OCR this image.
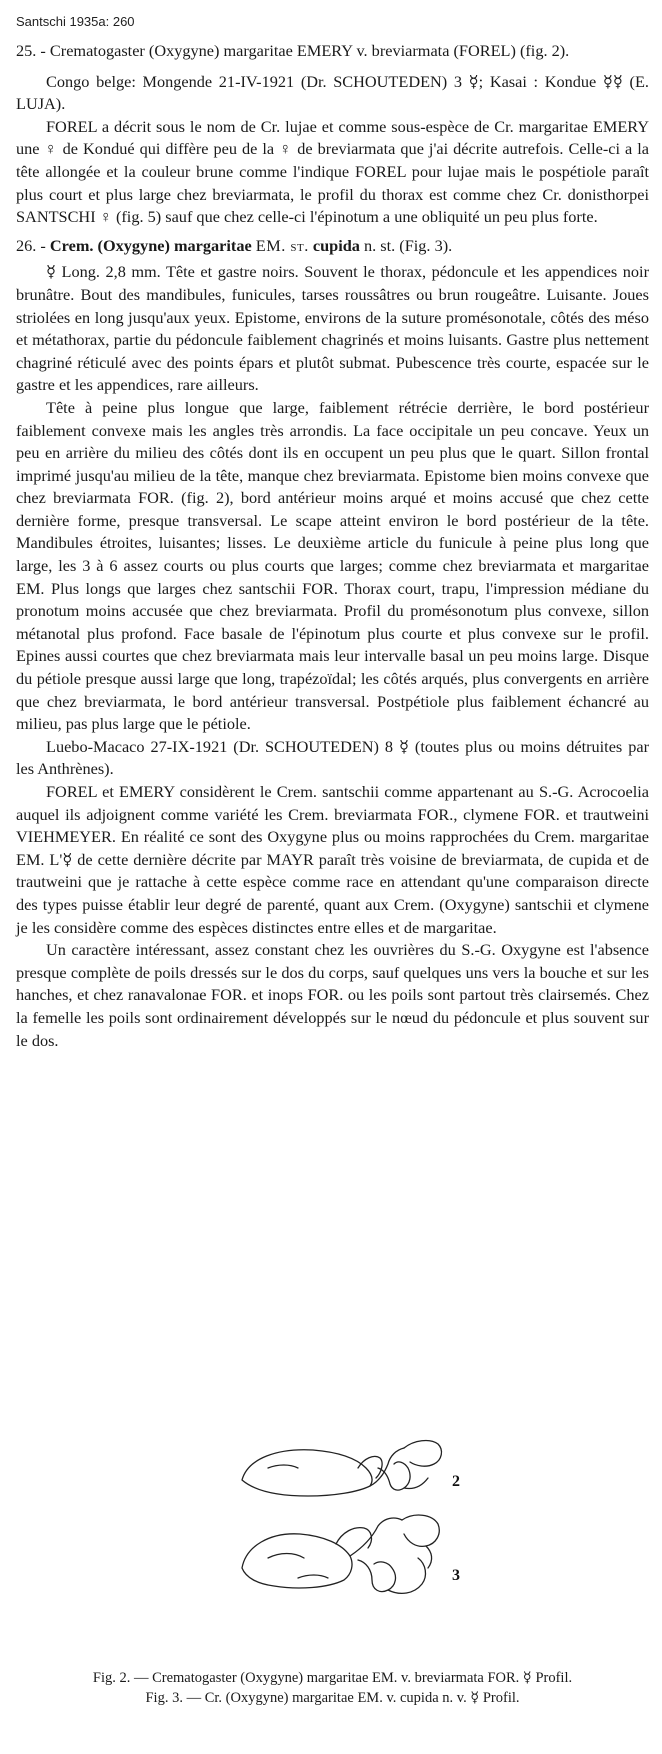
Santschi 1935a: 260

25. - Crematogaster (Oxygyne) margaritae EMERY v. breviarmata (FOREL) (fig. 2).

Congo belge: Mongende 21-IV-1921 (Dr. SCHOUTEDEN) 3 ☿; Kasai : Kondue ☿☿ (E. LUJA).

FOREL a décrit sous le nom de Cr. lujae et comme sous-espèce de Cr. margaritae EMERY une ♀ de Kondué qui diffère peu de la ♀ de breviarmata que j'ai décrite autrefois. Celle-ci a la tête allongée et la couleur brune comme l'indique FOREL pour lujae mais le pospétiole paraît plus court et plus large chez breviarmata, le profil du thorax est comme chez Cr. donisthorpei SANTSCHI ♀ (fig. 5) sauf que chez celle-ci l'épinotum a une obliquité un peu plus forte.

26. - Crem. (Oxygyne) margaritae EM. st. cupida n. st. (Fig. 3).

☿ Long. 2,8 mm. Tête et gastre noirs. Souvent le thorax, pédoncule et les appendices noir brunâtre. Bout des mandibules, funicules, tarses roussâtres ou brun rougeâtre. Luisante. Joues striolées en long jusqu'aux yeux. Epistome, environs de la suture promésonotale, côtés des méso et métathorax, partie du pédoncule faiblement chagrinés et moins luisants. Gastre plus nettement chagriné réticulé avec des points épars et plutôt submat. Pubescence très courte, espacée sur le gastre et les appendices, rare ailleurs.

Tête à peine plus longue que large, faiblement rétrécie derrière, le bord postérieur faiblement convexe mais les angles très arrondis. La face occipitale un peu concave. Yeux un peu en arrière du milieu des côtés dont ils en occupent un peu plus que le quart. Sillon frontal imprimé jusqu'au milieu de la tête, manque chez breviarmata. Epistome bien moins convexe que chez breviarmata FOR. (fig. 2), bord antérieur moins arqué et moins accusé que chez cette dernière forme, presque transversal. Le scape atteint environ le bord postérieur de la tête. Mandibules étroites, luisantes; lisses. Le deuxième article du funicule à peine plus long que large, les 3 à 6 assez courts ou plus courts que larges; comme chez breviarmata et margaritae EM. Plus longs que larges chez santschii FOR. Thorax court, trapu, l'impression médiane du pronotum moins accusée que chez breviarmata. Profil du promésonotum plus convexe, sillon métanotal plus profond. Face basale de l'épinotum plus courte et plus convexe sur le profil. Epines aussi courtes que chez breviarmata mais leur intervalle basal un peu moins large. Disque du pétiole presque aussi large que long, trapézoïdal; les côtés arqués, plus convergents en arrière que chez breviarmata, le bord antérieur transversal. Postpétiole plus faiblement échancré au milieu, pas plus large que le pétiole.

Luebo-Macaco 27-IX-1921 (Dr. SCHOUTEDEN) 8 ☿ (toutes plus ou moins détruites par les Anthrènes).

FOREL et EMERY considèrent le Crem. santschii comme appartenant au S.-G. Acrocoelia auquel ils adjoignent comme variété les Crem. breviarmata FOR., clymene FOR. et trautweini VIEHMEYER. En réalité ce sont des Oxygyne plus ou moins rapprochées du Crem. margaritae EM. L'☿ de cette dernière décrite par MAYR paraît très voisine de breviarmata, de cupida et de trautweini que je rattache à cette espèce comme race en attendant qu'une comparaison directe des types puisse établir leur degré de parenté, quant aux Crem. (Oxygyne) santschii et clymene je les considère comme des espèces distinctes entre elles et de margaritae.

Un caractère intéressant, assez constant chez les ouvrières du S.-G. Oxygyne est l'absence presque complète de poils dressés sur le dos du corps, sauf quelques uns vers la bouche et sur les hanches, et chez ranavalonae FOR. et inops FOR. ou les poils sont partout très clairsemés. Chez la femelle les poils sont ordinairement développés sur le nœud du pédoncule et plus souvent sur le dos.

2
3
Fig. 2. — Crematogaster (Oxygyne) margaritae EM. v. breviarmata FOR. ☿ Profil.
Fig. 3. — Cr. (Oxygyne) margaritae EM. v. cupida n. v. ☿ Profil.
